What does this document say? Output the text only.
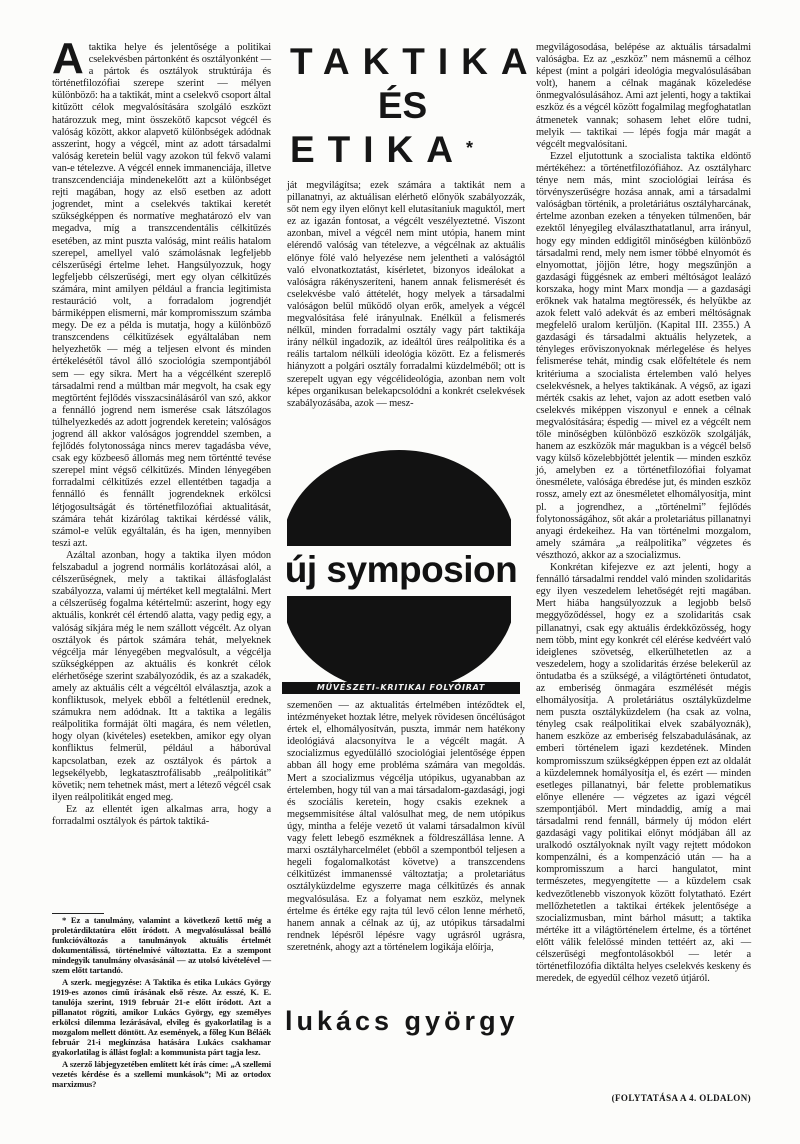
A taktika helye és jelentősége a politikai cselekvésben pártonként és osztályonként — a pártok és osztályok struktúrája és történetfilozófiai szerepe szerint — mélyen különböző: ha a taktikát, mint a cselekvő csoport által kitűzött célok megvalósítására szolgáló eszközt határozzuk meg, mint összekötő kapcsot végcél és valóság között, akkor alapvető különbségek adódnak asszerint, hogy a végcél, mint az adott társadalmi valóság keretein belül vagy azokon túl fekvő valami van-e tételezve. A végcél ennek immanenciája, illetve transzcendenciája mindenekelőtt azt a különbséget rejti magában, hogy az első esetben az adott jogrendet, mint a cselekvés taktikai keretét szükségképpen és normatíve meghatározó elv van megadva, míg a transzcendentális célkitűzés esetében, az mint puszta valóság, mint reális hatalom szerepel, amellyel való számolásnak legfeljebb célszerűségi értelme lehet. Hangsúlyozzuk, hogy legfeljebb célszerűségi, mert egy olyan célkitűzés számára, mint amilyen például a francia legitimista restauráció volt, a forradalom jogrendjét bármiképpen elismerni, már kompromisszum számba megy. De ez a példa is mutatja, hogy a különböző transzcendens célkitűzések egyáltalában nem helyezhetők — még a teljesen elvont és minden értékelésétől távol álló szociológia szempontjából sem — egy síkra. Mert ha a végcélként szereplő társadalmi rend a múltban már megvolt, ha csak egy megtörtént fejlődés visszacsinálásáról van szó, akkor a fennálló jogrend nem ismerése csak látszólagos túlhelyezkedés az adott jogrendek keretein; valóságos jogrend áll akkor valóságos jogrenddel szemben, a fejlődés folytonossága nincs merev tagadásba véve, csak egy közbeeső állomás meg nem történtté tevése szerepel mint végső célkitűzés. Minden lényegében forradalmi célkitűzés ezzel ellentétben tagadja a fennálló és fennállt jogrendeknek erkölcsi létjogosultságát és történetfilozófiai aktualitását, számára tehát kizárólag taktikai kérdéssé válik, számol-e velük egyáltalán, és ha igen, mennyiben teszi azt.

Azáltal azonban, hogy a taktika ilyen módon felszabadul a jogrend normális korlátozásai alól, a célszerűségnek, mely a taktikai állásfoglalást szabályozza, valami új mértéket kell megtalálni. Mert a célszerűség fogalma kétértelmű: aszerint, hogy egy aktuális, konkrét cél értendő alatta, vagy pedig egy, a valóság síkjára még le nem szállott végcélt. Az olyan osztályok és pártok számára tehát, melyeknek végcélja már lényegében megvalósult, a végcélja szükségképpen az aktuális és konkrét célok elérhetősége szerint szabályozódik, és az a szakadék, amely az aktuális célt a végcéltól elválasztja, azok a konfliktusok, melyek ebből a feltétlenül erednek, számukra nem adódnak. Itt a taktika a legális reálpolitika formáját ölti magára, és nem véletlen, hogy olyan (kivételes) esetekben, amikor egy olyan konfliktus felmerül, például a háborúval kapcsolatban, ezek az osztályok és pártok a legsekélyebb, legkatasztrofálisabb „reálpolitikát” követik; nem tehetnek mást, mert a létező végcél csak ilyen reálpolitikát enged meg.

Ez az ellentét igen alkalmas arra, hogy a forradalmi osztályok és pártok taktiká-

* Ez a tanulmány, valamint a következő kettő még a proletárdiktatúra előtt íródott. A megvalósulással beálló funkcióváltozás a tanulmányok aktuális értelmét dokumentálissá, történelmivé változtatta. Ez a szempont mindegyik tanulmány olvasásánál — az utolsó kivételével — szem előtt tartandó.

A szerk. megjegyzése: A Taktika és etika Lukács György 1919-es azonos című írásának első része. Az esszé, K. E. tanulója szerint, 1919 február 21-e előtt íródott. Azt a pillanatot rögzíti, amikor Lukács György, egy személyes erkölcsi dilemma lezárásával, elvileg és gyakorlatilag is a mozgalom mellett döntött. Az események, a főleg Kun Béláék február 21-i megkínzása hatására Lukács csakhamar gyakorlatilag is állást foglal: a kommunista párt tagja lesz.

A szerző lábjegyzetében említett két írás címe: „A szellemi vezetés kérdése és a szellemi munkások”; Mi az ortodox marxizmus?

TAKTIKA
ÉS
ETIKA*

ját megvilágítsa; ezek számára a taktikát nem a pillanatnyi, az aktuálisan elérhető előnyök szabályozzák, sőt nem egy ilyen előnyt kell elutasítaniuk maguktól, mert ez az igazán fontosat, a végcélt veszélyeztetné. Viszont azonban, mivel a végcél nem mint utópia, hanem mint elérendő valóság van tételezve, a végcélnak az aktuális előnye fölé való helyezése nem jelentheti a valóságtól való elvonatkoztatást, kísérletet, bizonyos ideálokat a valóságra rákényszeríteni, hanem annak felismerését és cselekvésbe való áttételét, hogy melyek a társadalmi valóságon belül működő olyan erők, amelyek a végcél megvalósítása felé irányulnak. Enélkül a felismerés nélkül, minden forradalmi osztály vagy párt taktikája irány nélkül ingadozik, az ideáltól üres reálpolitika és a reális tartalom nélküli ideológia között. Ez a felismerés hiányzott a polgári osztály forradalmi küzdelméből; ott is szerepelt ugyan egy végcélideológia, azonban nem volt képes organikusan belekapcsolódni a konkrét cselekvések szabályozásába, azok — mesz-

új symposion
MŰVÉSZETI–KRITIKAI FOLYÓIRAT

szemenően — az aktualitás értelmében intéződtek el, intézményeket hoztak létre, melyek rövidesen öncélúságot értek el, elhomályosítván, puszta, immár nem hatékony ideológiává alacsonyítva le a végcélt magát. A szocializmus egyedülálló szociológiai jelentősége éppen abban áll hogy eme probléma számára van megoldás. Mert a szocializmus végcélja utópikus, ugyanabban az értelemben, hogy túl van a mai társadalom-gazdasági, jogi és szociális keretein, hogy csakis ezeknek a megsemmisítése által valósulhat meg, de nem utópikus úgy, mintha a feléje vezető út valami társadalmon kívül vagy felett lebegő eszméknek a földreszállása lenne. A marxi osztályharcelmélet (ebből a szempontból teljesen a hegeli fogalomalkotást követve) a transzcendens célkitűzést immanenssé változtatja; a proletariátus osztályküzdelme egyszerre maga célkitűzés és annak megvalósulása. Ez a folyamat nem eszköz, melynek értelme és értéke egy rajta túl levő célon lenne mérhető, hanem annak a célnak az új, az utópikus társadalmi rendnek lépésről lépésre vagy ugrásról ugrásra, szeretnénk, ahogy azt a történelem logikája előírja,

lukács györgy

megvilágosodása, belépése az aktuális társadalmi valóságba. Ez az „eszköz” nem másnemű a célhoz képest (mint a polgári ideológia megvalósulásában volt), hanem a célnak magának közeledése önmegvalósulásához. Ami azt jelenti, hogy a taktikai eszköz és a végcél között fogalmilag megfoghatatlan átmenetek vannak; sohasem lehet előre tudni, melyik — taktikai — lépés fogja már magát a végcélt megvalósítani.

Ezzel eljutottunk a szocialista taktika eldöntő mértékéhez: a történetfilozófiához. Az osztályharc ténye nem más, mint szociológiai leírása és törvényszerűségre hozása annak, ami a társadalmi valóságban történik, a proletáriátus osztályharcának, értelme azonban ezeken a tényeken túlmenően, bár ezektől lényegileg elválaszthatatlanul, arra irányul, hogy egy minden eddigitől minőségben különböző társadalmi rend, mely nem ismer többé elnyomót és elnyomottat, jöjjön létre, hogy megszűnjön a gazdasági függésnek az emberi méltóságot lealázó korszaka, hogy mint Marx mondja — a gazdasági erőknek vak hatalma megtöressék, és helyükbe az azok felett való adekvát és az emberi méltóságnak megfelelő uralom kerüljön. (Kapital III. 2355.) A gazdasági és társadalmi aktuális helyzetek, a tényleges erőviszonyoknak mérlegelése és helyes felismerése tehát, mindig csak előfeltétele és nem kritériuma a szocialista értelemben való helyes cselekvésnek, a helyes taktikának. A végső, az igazi mérték csakis az lehet, vajon az adott esetben való cselekvés miképpen viszonyul e ennek a célnak megvalósítására; éspedig — mivel ez a végcélt nem tőle minőségben különböző eszközök szolgálják, hanem az eszközök már magukban is a végcél belső vagy külső közelebbjöttét jelentik — minden eszköz jó, amelyben ez a történetfilozófiai folyamat önesmélete, valósága ébredése jut, és minden eszköz rossz, amely ezt az önesméletet elhomályosítja, mint pl. a jogrendhez, a „történelmi” fejlődés folytonosságához, sőt akár a proletariátus pillanatnyi anyagi érdekeihez. Ha van történelmi mozgalom, amely számára „a reálpolitika” végzetes és vészthozó, akkor az a szocializmus.

Konkrétan kifejezve ez azt jelenti, hogy a fennálló társadalmi renddel való minden szolidaritás egy ilyen veszedelem lehetőségét rejti magában. Mert hiába hangsúlyozzuk a legjobb belső meggyőződéssel, hogy ez a szolidaritás csak pillanatnyi, csak egy aktuális érdekközösség, hogy nem több, mint egy konkrét cél elérése kedvéért való ideiglenes szövetség, elkerülhetetlen az a veszedelem, hogy a szolidaritás érzése belekerül az öntudatba és a szükségé, a világtörténeti öntudatot, az emberiség önmagára eszmélését mégis elhomályosítja. A proletáriátus osztályküzdelme nem puszta osztályküzdelem (ha csak az volna, tényleg csak reálpolitikai elvek szabályoznák), hanem eszköze az emberiség felszabadulásának, az emberi történelem igazi kezdetének. Minden kompromisszum szükségképpen éppen ezt az oldalát a küzdelemnek homályosítja el, és ezért — minden esetleges pillanatnyi, bár felette problematikus előnye ellenére — végzetes az igazi végcél szempontjából. Mert mindaddig, amíg a mai társadalmi rend fennáll, bármely új módon elért gazdasági vagy politikai előnyt módjában áll az uralkodó osztályoknak nyílt vagy rejtett módokon kompenzálni, és a kompenzáció után — ha a kompromisszum a harci hangulatot, mint természetes, megyengítette — a küzdelem csak kedvezőtlenebb viszonyok között folytatható. Ezért mellőzhetetlen a taktikai értékek jelentősége a szocializmusban, mint bárhol másutt; a taktika mértéke itt a világtörténelem értelme, és a történet előtt válik felelőssé minden tettéért az, aki — célszerűségi megfontolásokból — letér a történetfilozófia diktálta helyes cselekvés keskeny és meredek, de egyedül célhoz vezető útjáról.

(FOLYTATÁSA A 4. OLDALON)
